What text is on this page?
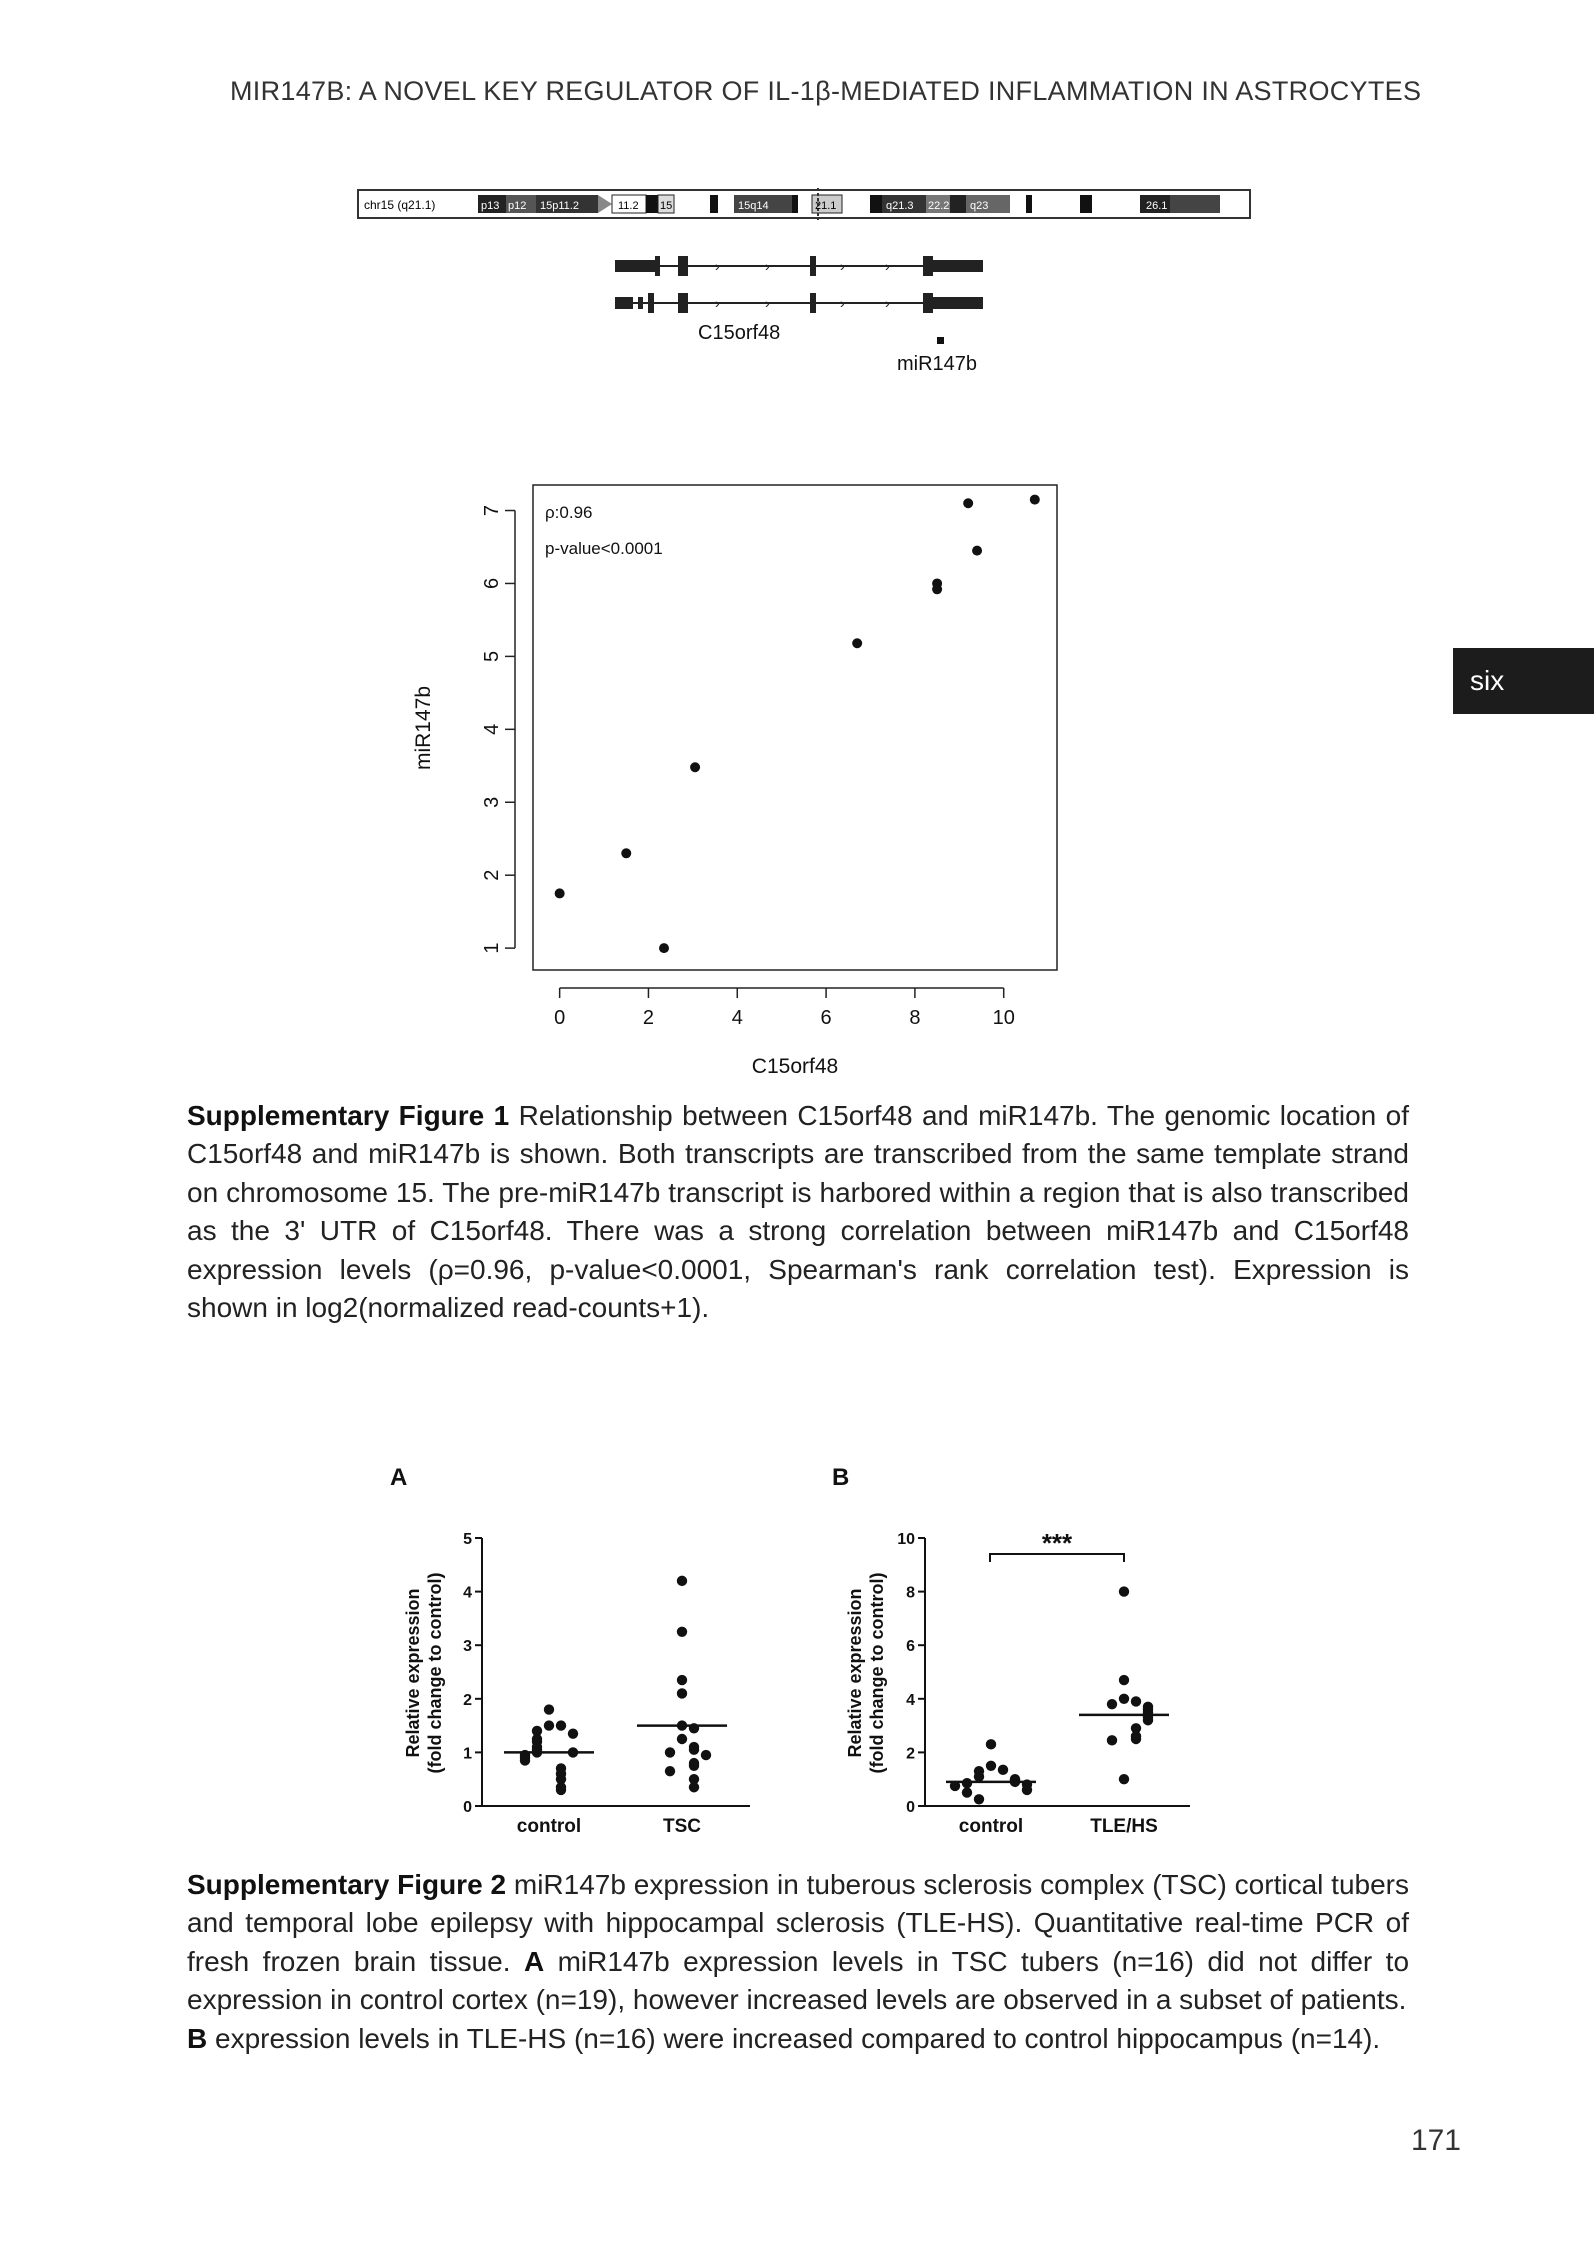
MIR147B: A NOVEL KEY REGULATOR OF IL-1β-MEDIATED INFLAMMATION IN ASTROCYTES
six
chr15 (q21.1)	p13 p12 15p11.2	11.2 15	15q14	21.1	q21.3 22.2 q23	26.1
›	›	›	›
›	›	›	›
C15orf48
miR147b
0	2	4	6	8	10
1
2
3
4
5
6
7 ρ:0.96
p-value<0.0001
C15orf48
miR147b
Supplementary Figure 1 Relationship between C15orf48 and miR147b. The genomic location of C15orf48 and miR147b is shown. Both transcripts are transcribed from the same template strand on chromosome 15. The pre-miR147b transcript is harbored within a region that is also transcribed as the 3' UTR of C15orf48. There was a strong correlation between miR147b and C15orf48 expression levels (ρ=0.96, p-value<0.0001, Spearman's rank correlation test). Expression is shown in log2(normalized read-counts+1).
A	B
Relative expression (fold change to control)
0
1
2
3
4
5
control	TSC
Relative expression (fold change to control)
0
2
4
6
8
10	***
control	TLE/HS
Supplementary Figure 2 miR147b expression in tuberous sclerosis complex (TSC) cortical tubers and temporal lobe epilepsy with hippocampal sclerosis (TLE-HS). Quantitative real-time PCR of fresh frozen brain tissue. A miR147b expression levels in TSC tubers (n=16) did not differ to expression in control cortex (n=19), however increased levels are observed in a subset of patients.
B expression levels in TLE-HS (n=16) were increased compared to control hippocampus (n=14).
171
